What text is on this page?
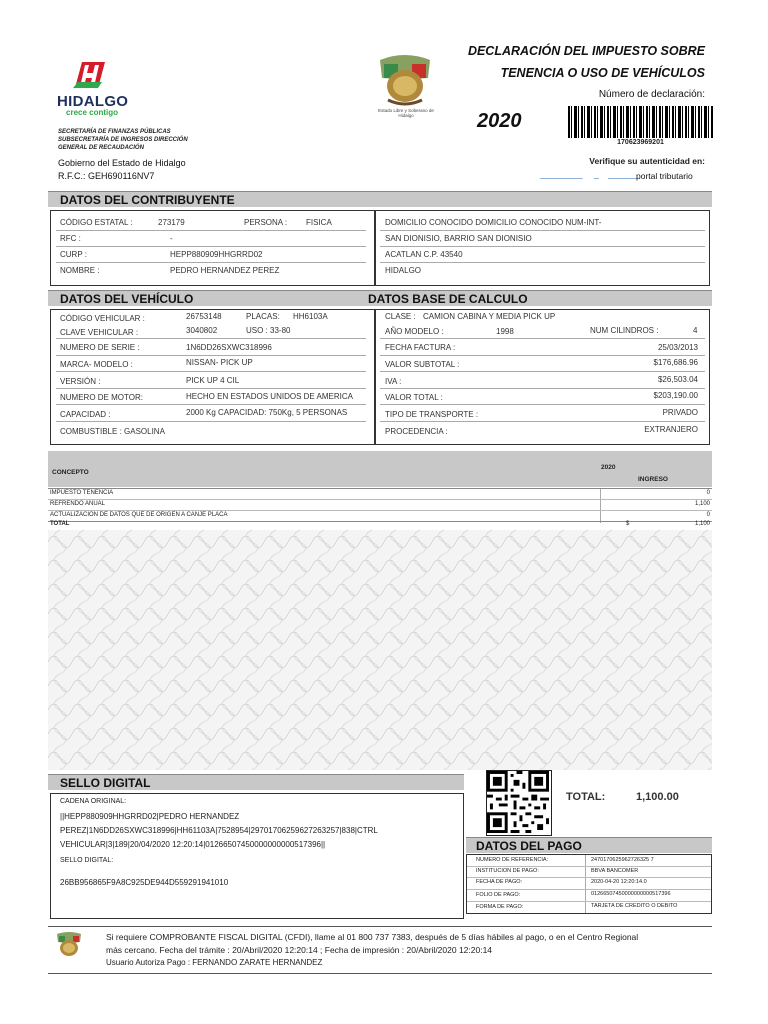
HIDALGO
crece contigo
SECRETARÍA DE FINANZAS PÚBLICAS
SUBSECRETARÍA DE INGRESOS DIRECCIÓN
GENERAL DE RECAUDACIÓN
Gobierno del Estado de Hidalgo
R.F.C.: GEH690116NV7
Estado Libre y Soberano de Hidalgo
DECLARACIÓN DEL IMPUESTO SOBRE
TENENCIA O USO DE VEHÍCULOS
Número de declaración:
2020
170623969201
Verifique su autenticidad en:
_________ _ ______ portal tributario
DATOS DEL CONTRIBUYENTE
CÓDIGO ESTATAL :	273179	PERSONA : FISICA
RFC :	-
CURP :	HEPP880909HHGRRD02
NOMBRE :	PEDRO HERNANDEZ PEREZ
DOMICILIO CONOCIDO DOMICILIO CONOCIDO NUM-INT-
SAN DIONISIO, BARRIO SAN DIONISIO
ACATLAN C.P. 43540
HIDALGO
DATOS DEL VEHÍCULO	DATOS BASE DE CALCULO
CÓDIGO VEHICULAR :	26753148	PLACAS: HH6103A
CLAVE VEHICULAR :	3040802	USO : 33-80
NUMERO DE SERIE :	1N6DD26SXWC318996
MARCA- MODELO :	NISSAN- PICK UP
VERSIÓN :	PICK UP 4 CIL
NUMERO DE MOTOR:	HECHO EN ESTADOS UNIDOS DE AMERICA
CAPACIDAD :	2000 Kg CAPACIDAD: 750Kg, 5 PERSONAS
COMBUSTIBLE : GASOLINA
CLASE : CAMION CABINA Y MEDIA PICK UP
AÑO MODELO :	1998	NUM CILINDROS :	4
FECHA FACTURA :	25/03/2013
VALOR SUBTOTAL :	$176,686.96
IVA :	$26,503.04
VALOR TOTAL :	$203,190.00
TIPO DE TRANSPORTE :	PRIVADO
PROCEDENCIA :	EXTRANJERO
CONCEPTO
2020
INGRESO
IMPUESTO TENENCIA	0
REFRENDO ANUAL	1,100
ACTUALIZACION DE DATOS QUE DE ORIGEN A CANJE PLACA	0
TOTAL	$	1,100
SELLO DIGITAL
CADENA ORIGINAL:
||HEPP880909HHGRRD02|PEDRO HERNANDEZ
PEREZ|1N6DD26SXWC318996|HH61103A|7528954|29701706259627263257|838|CTRL
VEHICULAR|3|189|20/04/2020 12:20:14|01266507450000000000517396||
SELLO DIGITAL:
26BB956865F9A8C925DE944D559291941010
TOTAL:	1,100.00
DATOS DEL PAGO
NUMERO DE REFERENCIA:	2470170625962726325 7
INSTITUCION DE PAGO:	BBVA BANCOMER
FECHA DE PAGO:	2020-04-20 12:20:14.0
FOLIO DE PAGO:	01266507450000000000517396
FORMA DE PAGO:	TARJETA DE CREDITO O DEBITO
Si requiere COMPROBANTE FISCAL DIGITAL (CFDI), llame al 01 800 737 7383, después de 5 días hábiles al pago, o en el Centro Regional
más cercano. Fecha del trámite : 20/Abril/2020 12:20:14 ; Fecha de impresión : 20/Abril/2020 12:20:14
Usuario Autoriza Pago : FERNANDO ZARATE HERNANDEZ
